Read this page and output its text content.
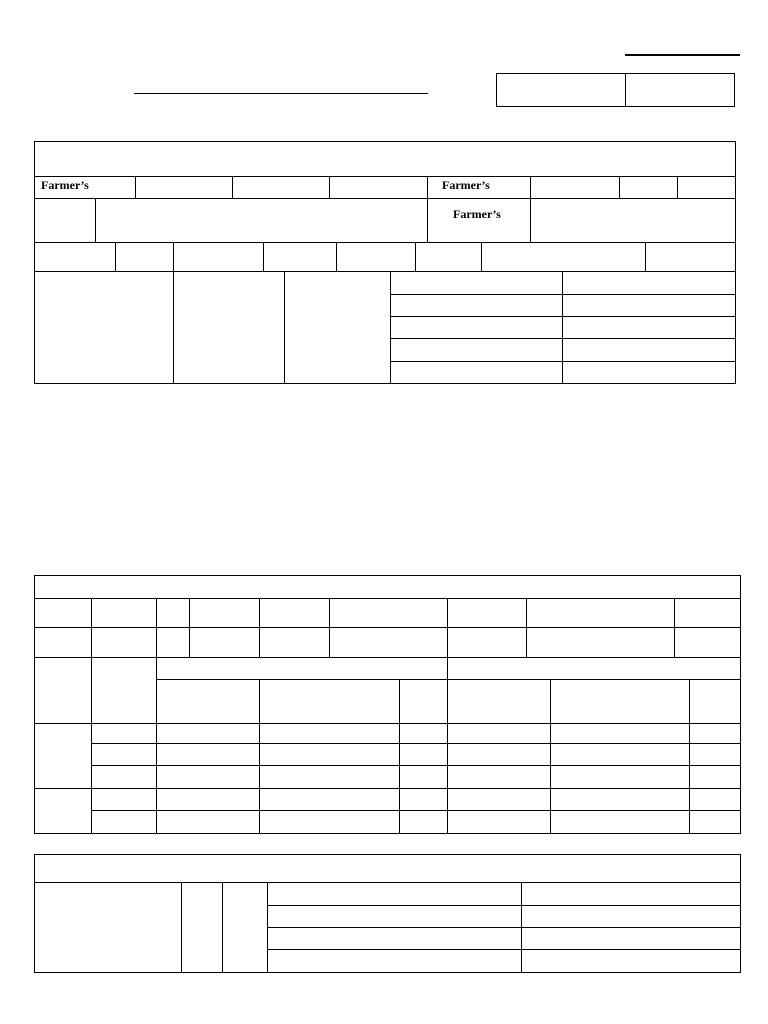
Farmer’s	Farmer’s
Farmer’s
